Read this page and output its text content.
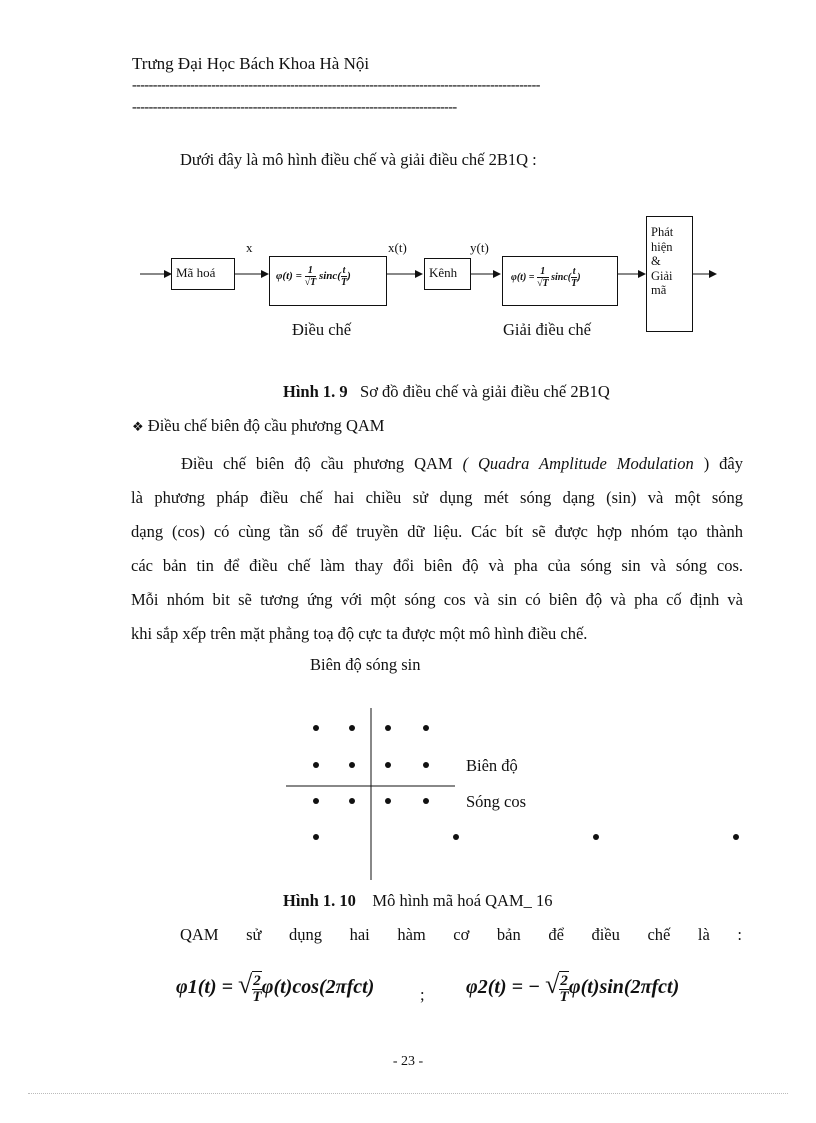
Trưng Đại Học Bách Khoa Hà Nội
--------------------------------------------------------------------------------------------------
------------------------------------------------------------------------------
Dưới đây là mô hình điều chế và giải điều chế 2B1Q :
Mã hoá	$\varphi(t) = \frac{1}{√T} \sin c( \frac{t}{T}$ )	Kênh	$\varphi(t) = \frac{1}{√T} \sin c( \frac{t}{T}$ )
Phát
hiện
&
Giải
mã
x	x(t)	y(t)
Điều chế	Giải điều chế
Hình 1. 9 Sơ đồ điều chế và giải điều chế 2B1Q
❖ Điều chế biên độ cầu phương QAM
Điều chế biên độ cầu phương QAM ( Quadra Amplitude Modulation ) đây
là phương pháp điều chế hai chiều sử dụng mét sóng dạng (sin) và một sóng
dạng (cos) có cùng tần số để truyền dữ liệu. Các bít sẽ được hợp nhóm tạo thành
các bản tin để điều chế làm thay đổi biên độ và pha của sóng sin và sóng cos.
Mỗi nhóm bit sẽ tương ứng với một sóng cos và sin có biên độ và pha cố định và
khi sắp xếp trên mặt phẳng toạ độ cực ta được một mô hình điều chế.
Biên độ sóng sin
Biên độ
Sóng cos
Hình 1. 10 Mô hình mã hoá QAM_ 16
QAM sử dụng hai hàm cơ bản để điều chế là :
φ1(t) = √ $\frac{2}{T} \varphi(t)\cos(2\pi fct)$	; φ2(t) = − √ $\frac{2}{T} \varphi(t)\sin(2\pi fct)$
- 23 -
